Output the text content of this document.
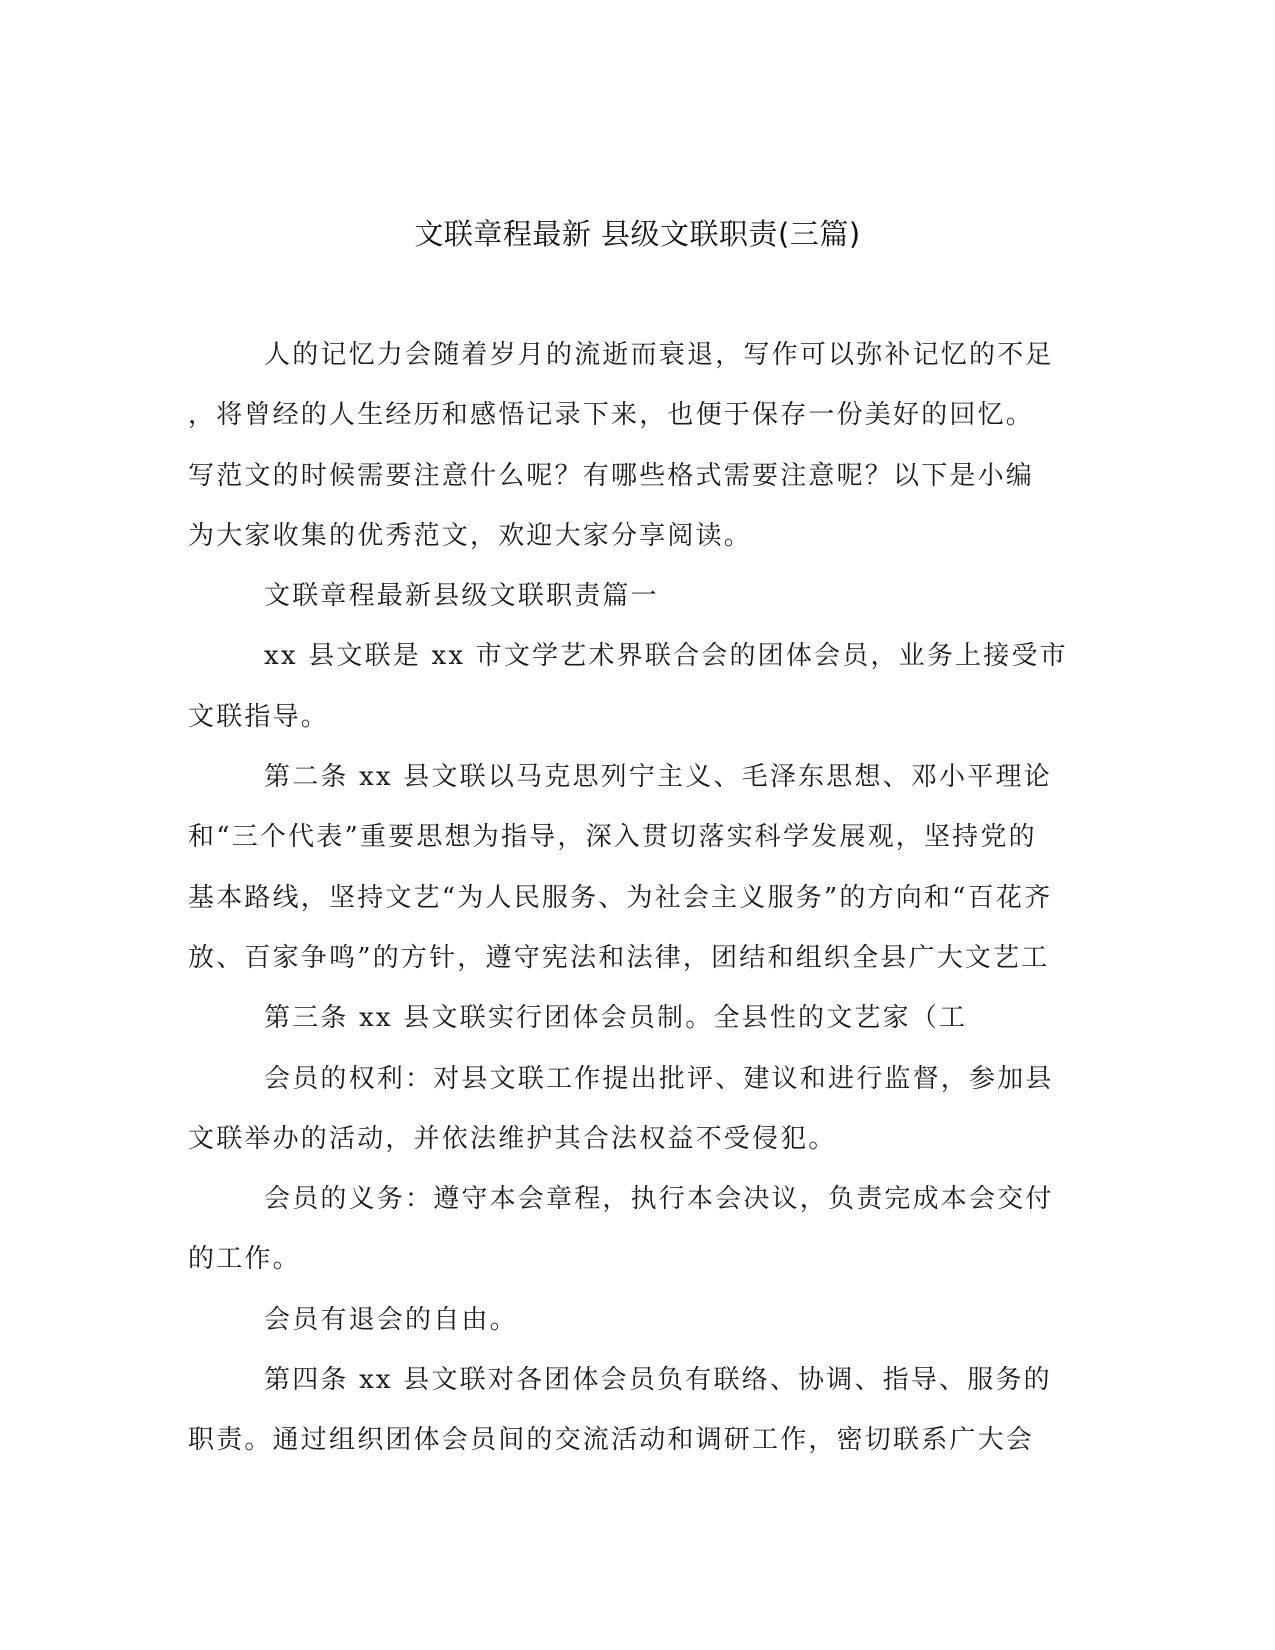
文联章程最新 县级文联职责(三篇)

人的记忆力会随着岁月的流逝而衰退，写作可以弥补记忆的不足
，将曾经的人生经历和感悟记录下来，也便于保存一份美好的回忆。
写范文的时候需要注意什么呢？有哪些格式需要注意呢？以下是小编
为大家收集的优秀范文，欢迎大家分享阅读。

文联章程最新县级文联职责篇一

xx 县文联是 xx 市文学艺术界联合会的团体会员，业务上接受市
文联指导。

第二条 xx 县文联以马克思列宁主义、毛泽东思想、邓小平理论
和“三个代表”重要思想为指导，深入贯切落实科学发展观，坚持党的
基本路线，坚持文艺“为人民服务、为社会主义服务”的方向和“百花齐
放、百家争鸣”的方针，遵守宪法和法律，团结和组织全县广大文艺工

第三条 xx 县文联实行团体会员制。全县性的文艺家（工

会员的权利：对县文联工作提出批评、建议和进行监督，参加县
文联举办的活动，并依法维护其合法权益不受侵犯。

会员的义务：遵守本会章程，执行本会决议，负责完成本会交付
的工作。

会员有退会的自由。

第四条 xx 县文联对各团体会员负有联络、协调、指导、服务的
职责。通过组织团体会员间的交流活动和调研工作，密切联系广大会
